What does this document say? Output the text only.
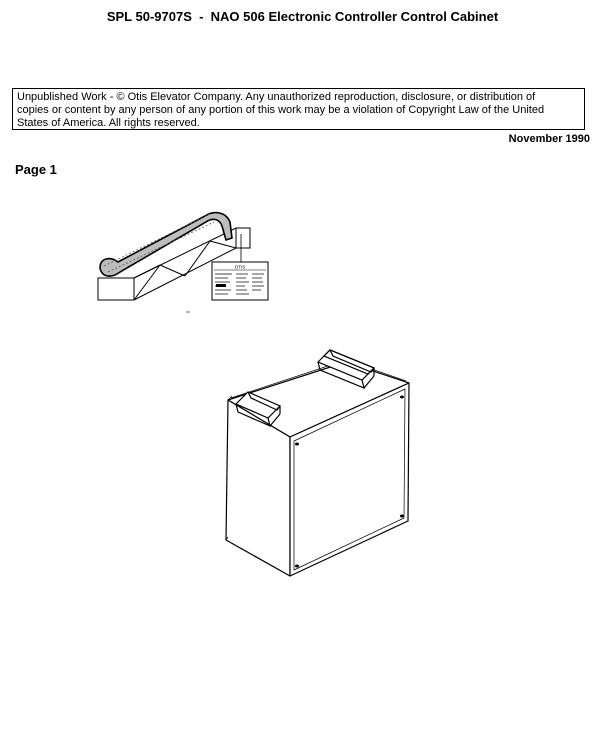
SPL 50-9707S  -  NAO 506 Electronic Controller Control Cabinet
Unpublished Work - © Otis Elevator Company. Any unauthorized reproduction, disclosure, or distribution of
copies or content by any person of any portion of this work may be a violation of Copyright Law of the United
States of America. All rights reserved.
November 1990
Page 1
OTIS
